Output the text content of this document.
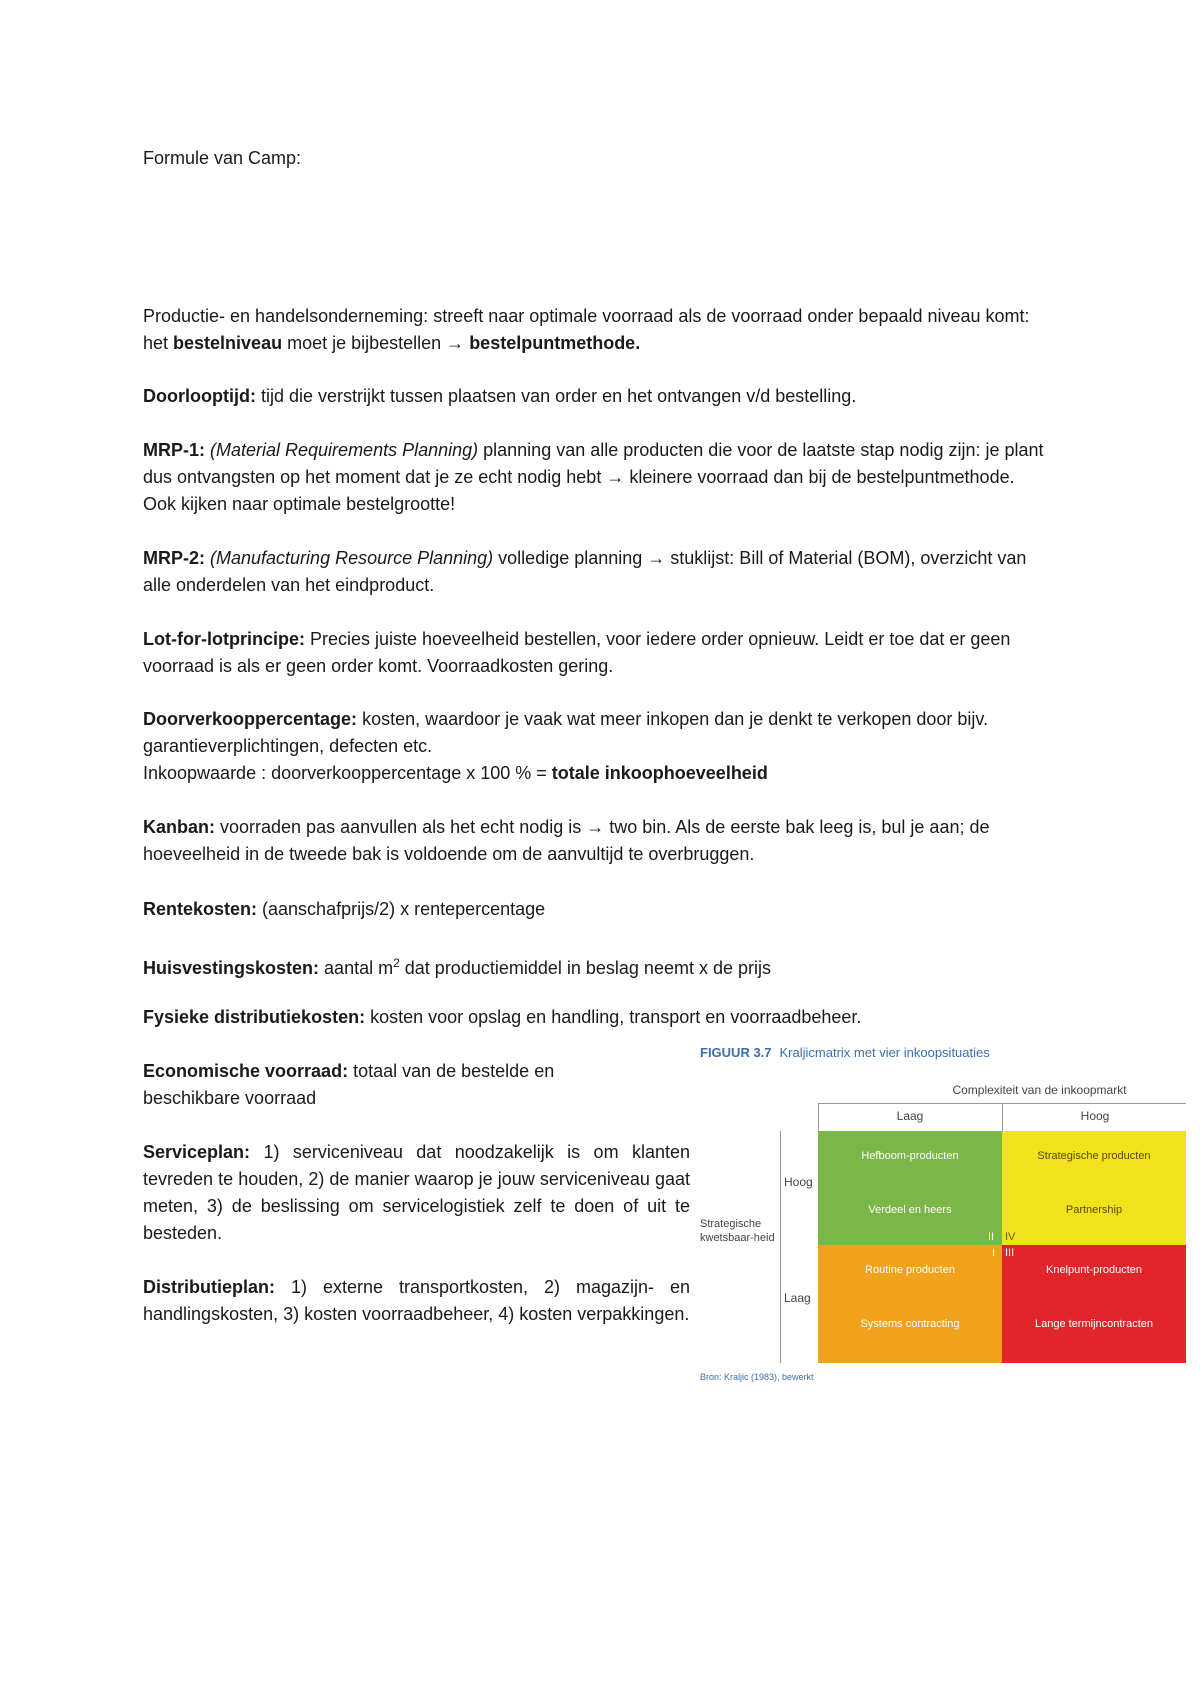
Formule van Camp:

Productie- en handelsonderneming: streeft naar optimale voorraad als de voorraad onder bepaald niveau komt: het bestelniveau moet je bijbestellen → bestelpuntmethode.

Doorlooptijd: tijd die verstrijkt tussen plaatsen van order en het ontvangen v/d bestelling.

MRP-1: (Material Requirements Planning) planning van alle producten die voor de laatste stap nodig zijn: je plant dus ontvangsten op het moment dat je ze echt nodig hebt → kleinere voorraad dan bij de bestelpuntmethode. Ook kijken naar optimale bestelgrootte!

MRP-2: (Manufacturing Resource Planning) volledige planning → stuklijst: Bill of Material (BOM), overzicht van alle onderdelen van het eindproduct.

Lot-for-lotprincipe: Precies juiste hoeveelheid bestellen, voor iedere order opnieuw. Leidt er toe dat er geen voorraad is als er geen order komt. Voorraadkosten gering.

Doorverkooppercentage: kosten, waardoor je vaak wat meer inkopen dan je denkt te verkopen door bijv. garantieverplichtingen, defecten etc.
Inkoopwaarde : doorverkooppercentage x 100 % = totale inkoophoeveelheid

Kanban: voorraden pas aanvullen als het echt nodig is → two bin. Als de eerste bak leeg is, bul je aan; de hoeveelheid in de tweede bak is voldoende om de aanvultijd te overbruggen.

Rentekosten: (aanschafprijs/2) x rentepercentage

Huisvestingskosten: aantal $m^2$ dat productiemiddel in beslag neemt x de prijs

Fysieke distributiekosten: kosten voor opslag en handling, transport en voorraadbeheer.

Economische voorraad: totaal van de bestelde en beschikbare voorraad

Serviceplan: 1) serviceniveau dat noodzakelijk is om klanten tevreden te houden, 2) de manier waarop je jouw serviceniveau gaat meten, 3) de beslissing om servicelogistiek zelf te doen of uit te besteden.

Distributieplan: 1) externe transportkosten, 2) magazijn- en handlingskosten, 3) kosten voorraadbeheer, 4) kosten verpakkingen.

FIGUUR 3.7 Kraljicmatrix met vier inkoopsituaties
Complexiteit van de inkoopmarkt
Laag	Hoog
Hoog
Laag
Strategische kwetsbaar-heid
Hefboom-producten
Verdeel en heers
Strategische producten
Partnership
Routine producten
Systems contracting
Knelpunt-producten
Lange termijncontracten
II IV
I III
Bron: Kraljic (1983), bewerkt
